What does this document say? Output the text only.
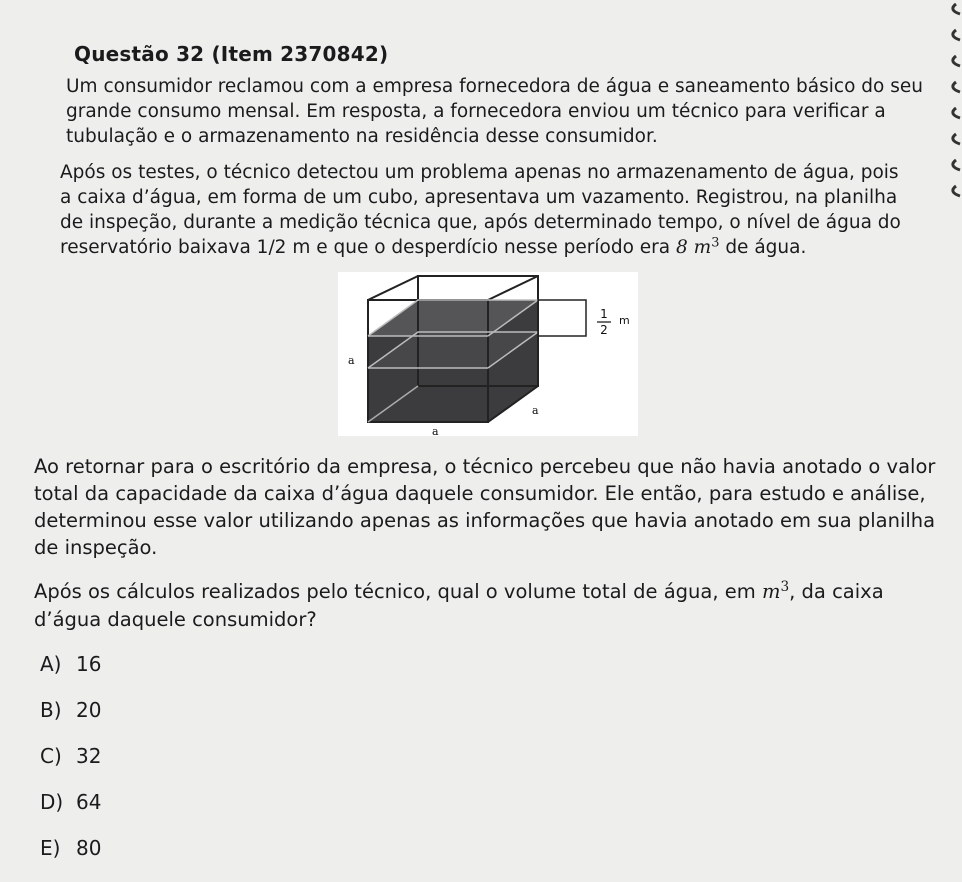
Questão 32 (Item 2370842)
Um consumidor reclamou com a empresa fornecedora de água e saneamento básico do seu
grande consumo mensal. Em resposta, a fornecedora enviou um técnico para verificar a
tubulação e o armazenamento na residência desse consumidor.
Após os testes, o técnico detectou um problema apenas no armazenamento de água, pois
a caixa d’água, em forma de um cubo, apresentava um vazamento. Registrou, na planilha
de inspeção, durante a medição técnica que, após determinado tempo, o nível de água do
reservatório baixava 1/2 m e que o desperdício nesse período era 8 $m^3$ de água.
1
2
m
a
a
a
Ao retornar para o escritório da empresa, o técnico percebeu que não havia anotado o valor
total da capacidade da caixa d’água daquele consumidor. Ele então, para estudo e análise,
determinou esse valor utilizando apenas as informações que havia anotado em sua planilha
de inspeção.
Após os cálculos realizados pelo técnico, qual o volume total de água, em $m^3$, da caixa
d’água daquele consumidor?
A) 16
B) 20
C) 32
D) 64
E) 80
